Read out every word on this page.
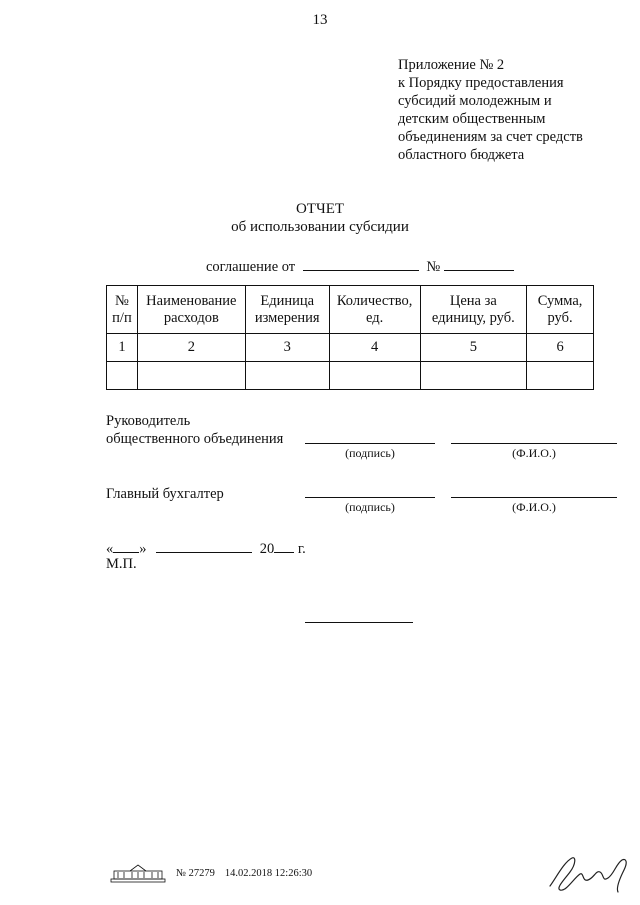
13
Приложение № 2
к Порядку предоставления
субсидий молодежным и
детским общественным
объединениям за счет средств
областного бюджета
ОТЧЕТ
об использовании субсидии
соглашение от	№
№ п/п	Наименование расходов	Единица измерения	Количество, ед.	Цена за единицу, руб.	Сумма, руб.
1	2	3	4	5	6

Руководитель
общественного объединения
(подпись)	(Ф.И.О.)
Главный бухгалтер
(подпись)	(Ф.И.О.)
« »	20 г.
М.П.
№ 27279 14.02.2018 12:26:30
